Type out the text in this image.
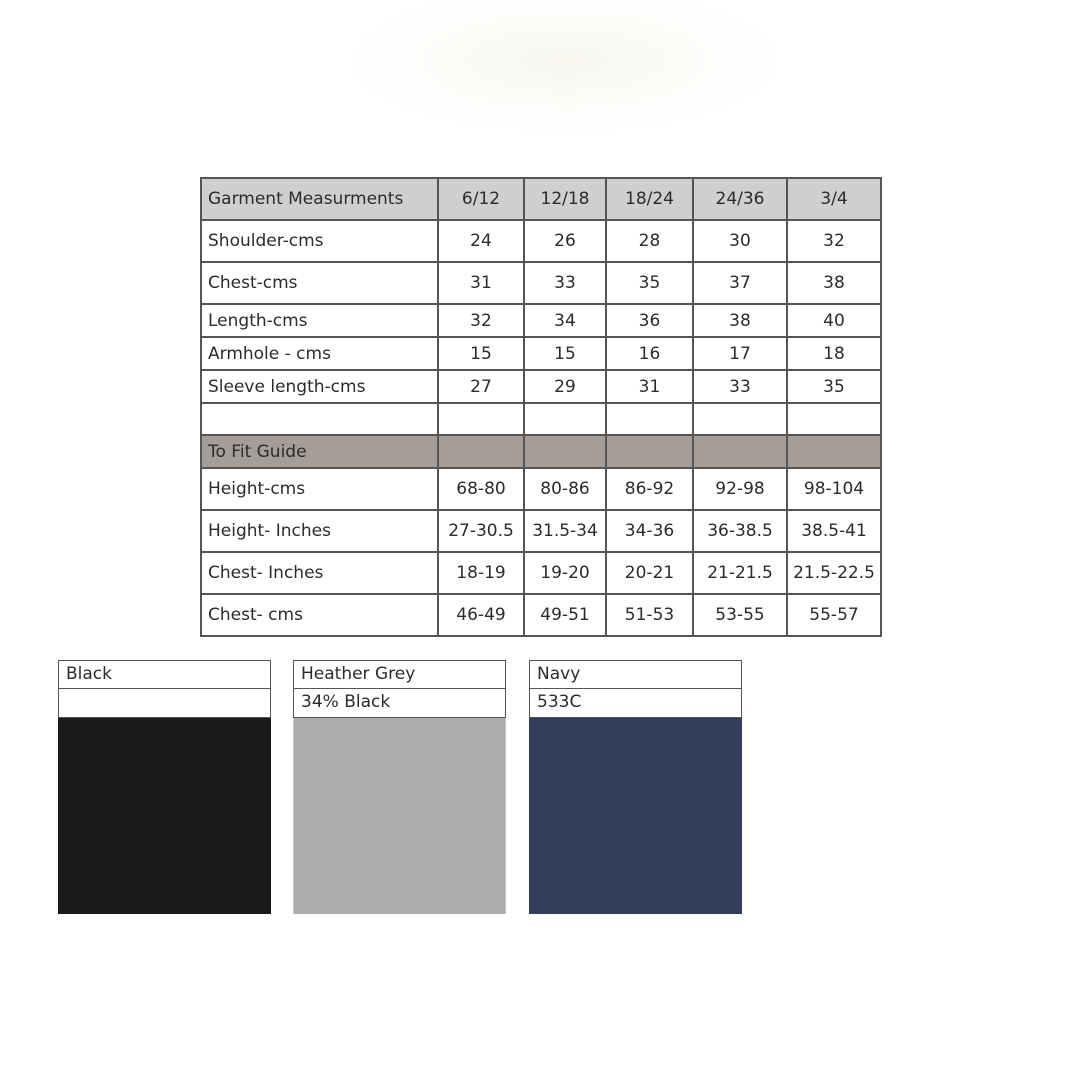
Garment Measurments	6/12	12/18	18/24	24/36	3/4
Shoulder-cms	24	26	28	30	32
Chest-cms	31	33	35	37	38
Length-cms	32	34	36	38	40
Armhole - cms	15	15	16	17	18
Sleeve length-cms	27	29	31	33	35

To Fit Guide					
Height-cms	68-80	80-86	86-92	92-98	98-104
Height- Inches	27-30.5	31.5-34	34-36	36-38.5	38.5-41
Chest- Inches	18-19	19-20	20-21	21-21.5	21.5-22.5
Chest- cms	46-49	49-51	51-53	53-55	55-57
Black	Heather Grey
34% Black
Navy
533C
